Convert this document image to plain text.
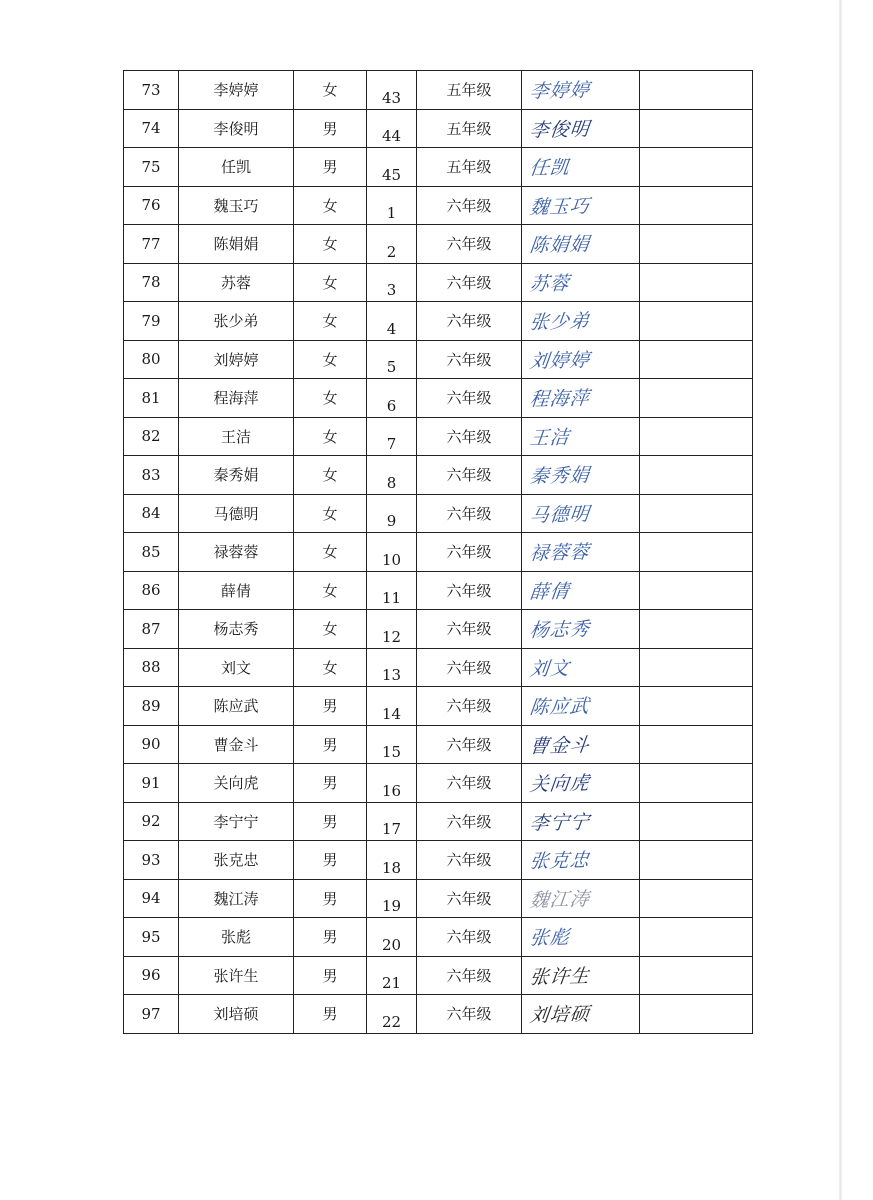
73	李婷婷	女	43	五年级	李婷婷	
74	李俊明	男	44	五年级	李俊明	
75	任凯	男	45	五年级	任凯	
76	魏玉巧	女	1	六年级	魏玉巧	
77	陈娟娟	女	2	六年级	陈娟娟	
78	苏蓉	女	3	六年级	苏蓉	
79	张少弟	女	4	六年级	张少弟	
80	刘婷婷	女	5	六年级	刘婷婷	
81	程海萍	女	6	六年级	程海萍	
82	王洁	女	7	六年级	王洁	
83	秦秀娟	女	8	六年级	秦秀娟	
84	马德明	女	9	六年级	马德明	
85	禄蓉蓉	女	10	六年级	禄蓉蓉	
86	薛倩	女	11	六年级	薛倩	
87	杨志秀	女	12	六年级	杨志秀	
88	刘文	女	13	六年级	刘文	
89	陈应武	男	14	六年级	陈应武	
90	曹金斗	男	15	六年级	曹金斗	
91	关向虎	男	16	六年级	关向虎	
92	李宁宁	男	17	六年级	李宁宁	
93	张克忠	男	18	六年级	张克忠	
94	魏江涛	男	19	六年级	魏江涛	
95	张彪	男	20	六年级	张彪	
96	张许生	男	21	六年级	张许生	
97	刘培硕	男	22	六年级	刘培硕	
